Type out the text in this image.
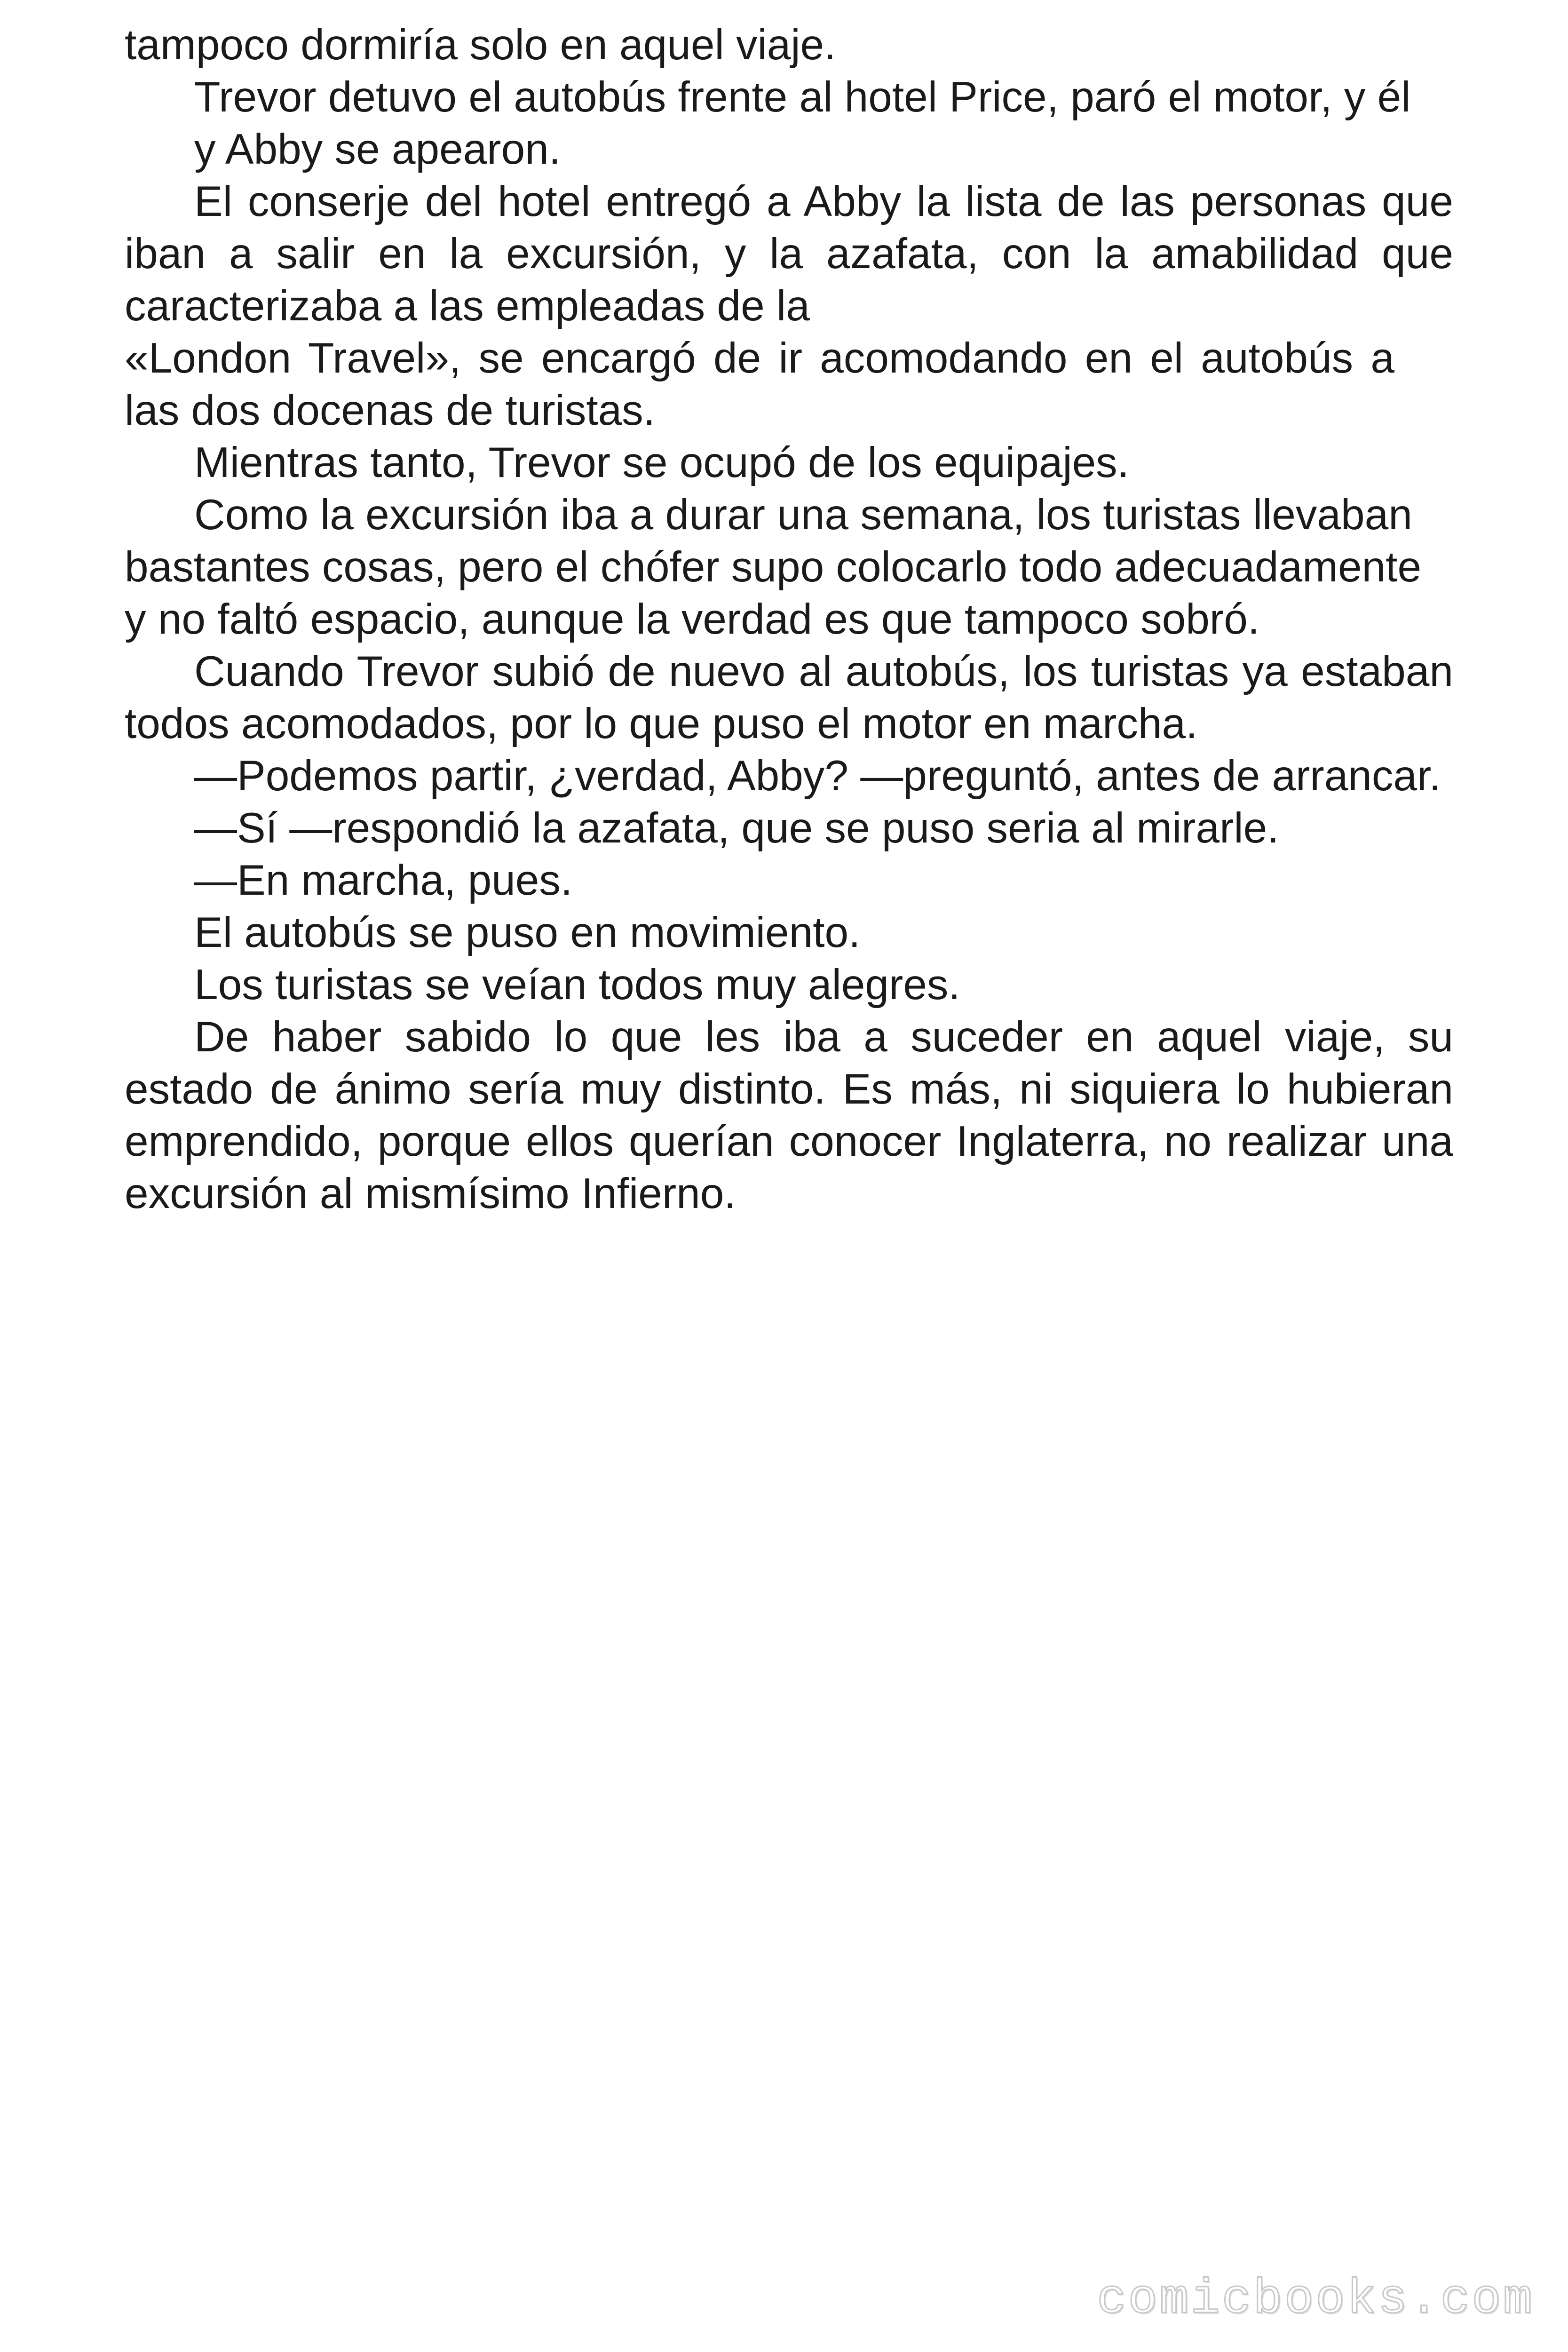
tampoco dormiría solo en aquel viaje.

Trevor detuvo el autobús frente al hotel Price, paró el motor, y él

y Abby se apearon.

El conserje del hotel entregó a Abby la lista de las personas que iban a salir en la excursión, y la azafata, con la amabilidad que caracterizaba a las empleadas de la

«London Travel», se encargó de ir acomodando en el autobús a las dos docenas de turistas.

Mientras tanto, Trevor se ocupó de los equipajes.

Como la excursión iba a durar una semana, los turistas llevaban bastantes cosas, pero el chófer supo colocarlo todo adecuadamente y no faltó espacio, aunque la verdad es que tampoco sobró.

Cuando Trevor subió de nuevo al autobús, los turistas ya estaban todos acomodados, por lo que puso el motor en marcha.

—Podemos partir, ¿verdad, Abby? —preguntó, antes de arrancar.

—Sí —respondió la azafata, que se puso seria al mirarle.

—En marcha, pues.

El autobús se puso en movimiento.

Los turistas se veían todos muy alegres.

De haber sabido lo que les iba a suceder en aquel viaje, su estado de ánimo sería muy distinto. Es más, ni siquiera lo hubieran emprendido, porque ellos querían conocer Inglaterra, no realizar una excursión al mismísimo Infierno.

comicbooks.com
